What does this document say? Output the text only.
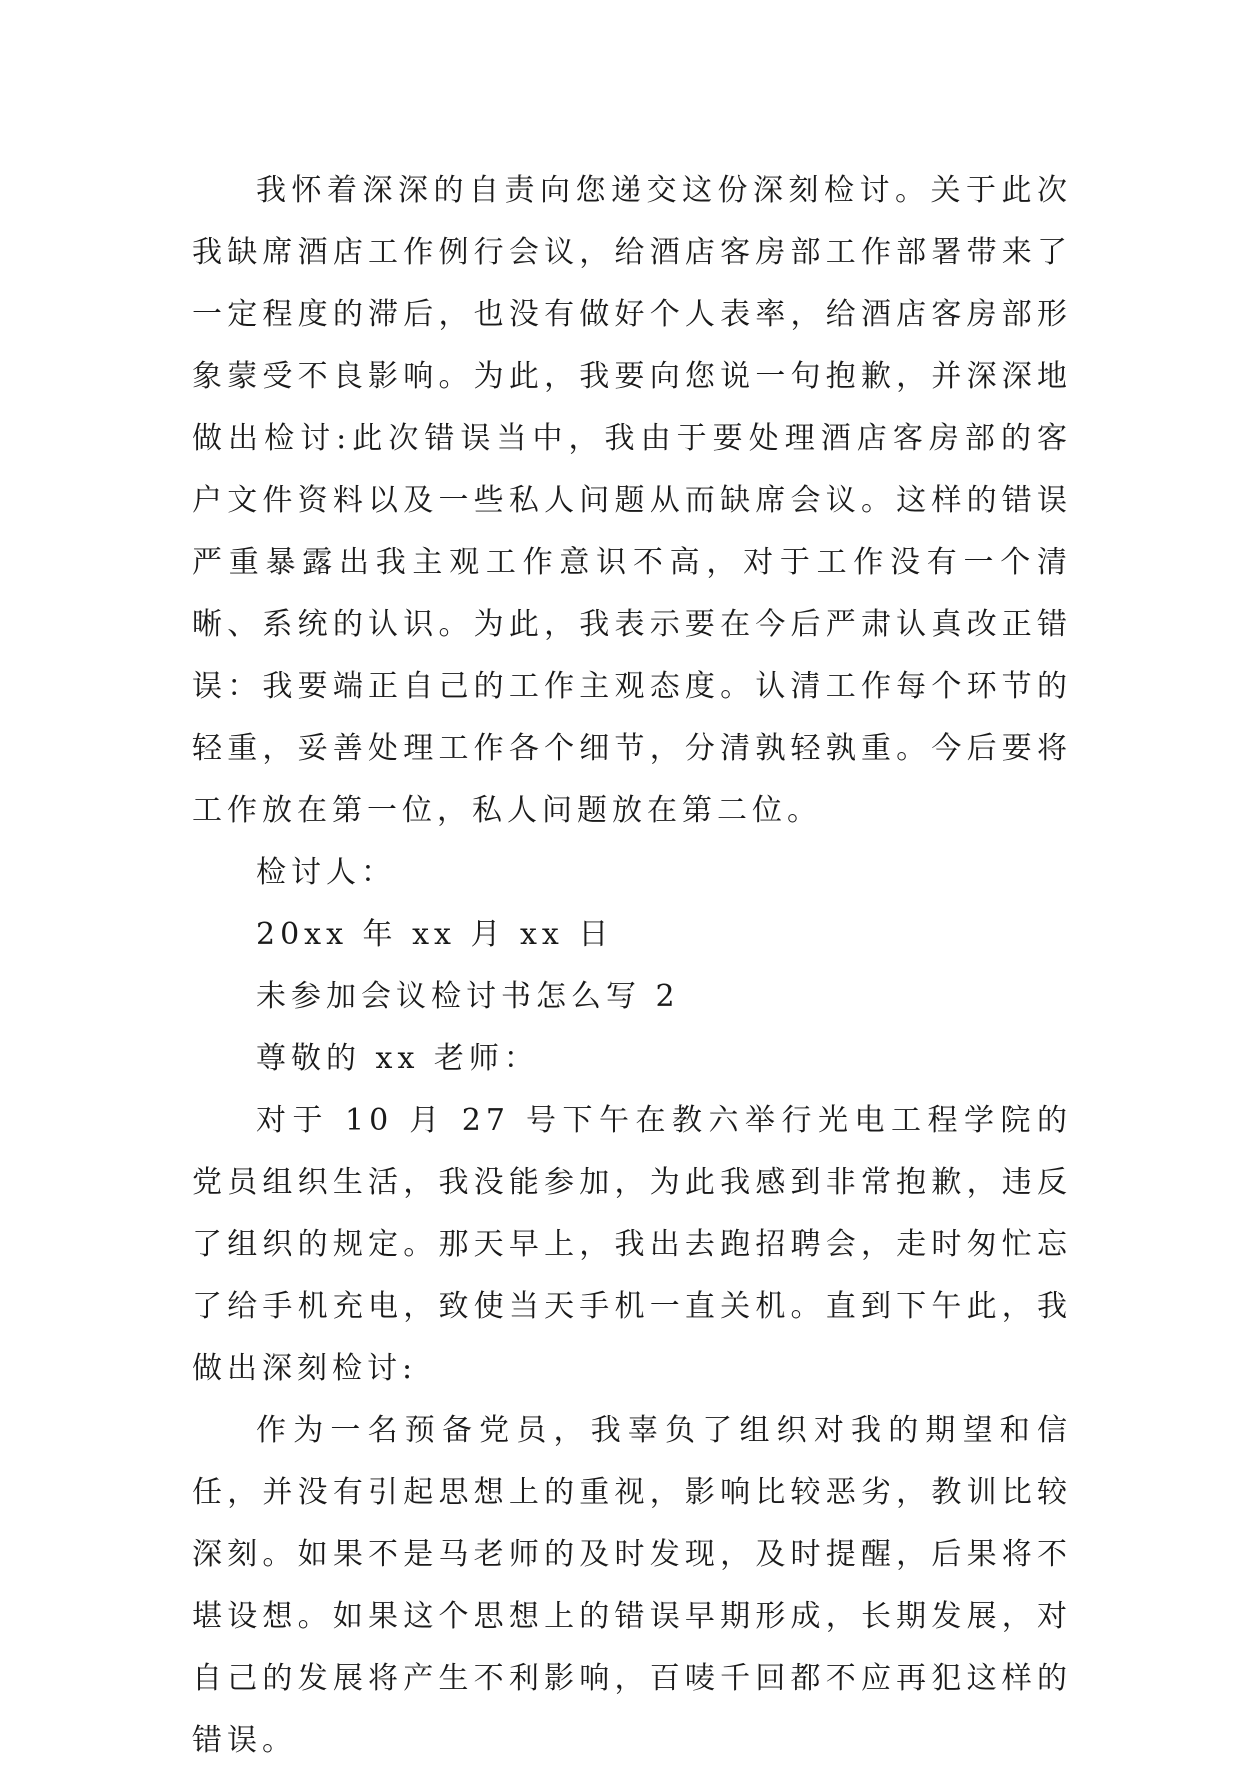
我怀着深深的自责向您递交这份深刻检讨。关于此次我缺席酒店工作例行会议，给酒店客房部工作部署带来了一定程度的滞后，也没有做好个人表率，给酒店客房部形象蒙受不良影响。为此，我要向您说一句抱歉，并深深地做出检讨:此次错误当中，我由于要处理酒店客房部的客户文件资料以及一些私人问题从而缺席会议。这样的错误严重暴露出我主观工作意识不高，对于工作没有一个清晰、系统的认识。为此，我表示要在今后严肃认真改正错误：我要端正自己的工作主观态度。认清工作每个环节的轻重，妥善处理工作各个细节，分清孰轻孰重。今后要将工作放在第一位，私人问题放在第二位。

检讨人：

20xx 年 xx 月 xx 日

未参加会议检讨书怎么写 2

尊敬的 xx 老师：

对于 10 月 27 号下午在教六举行光电工程学院的党员组织生活，我没能参加，为此我感到非常抱歉，违反了组织的规定。那天早上，我出去跑招聘会，走时匆忙忘了给手机充电，致使当天手机一直关机。直到下午此，我做出深刻检讨:

作为一名预备党员，我辜负了组织对我的期望和信任，并没有引起思想上的重视，影响比较恶劣，教训比较深刻。如果不是马老师的及时发现，及时提醒，后果将不堪设想。如果这个思想上的错误早期形成，长期发展，对自己的发展将产生不利影响，百唛千回都不应再犯这样的错误。
